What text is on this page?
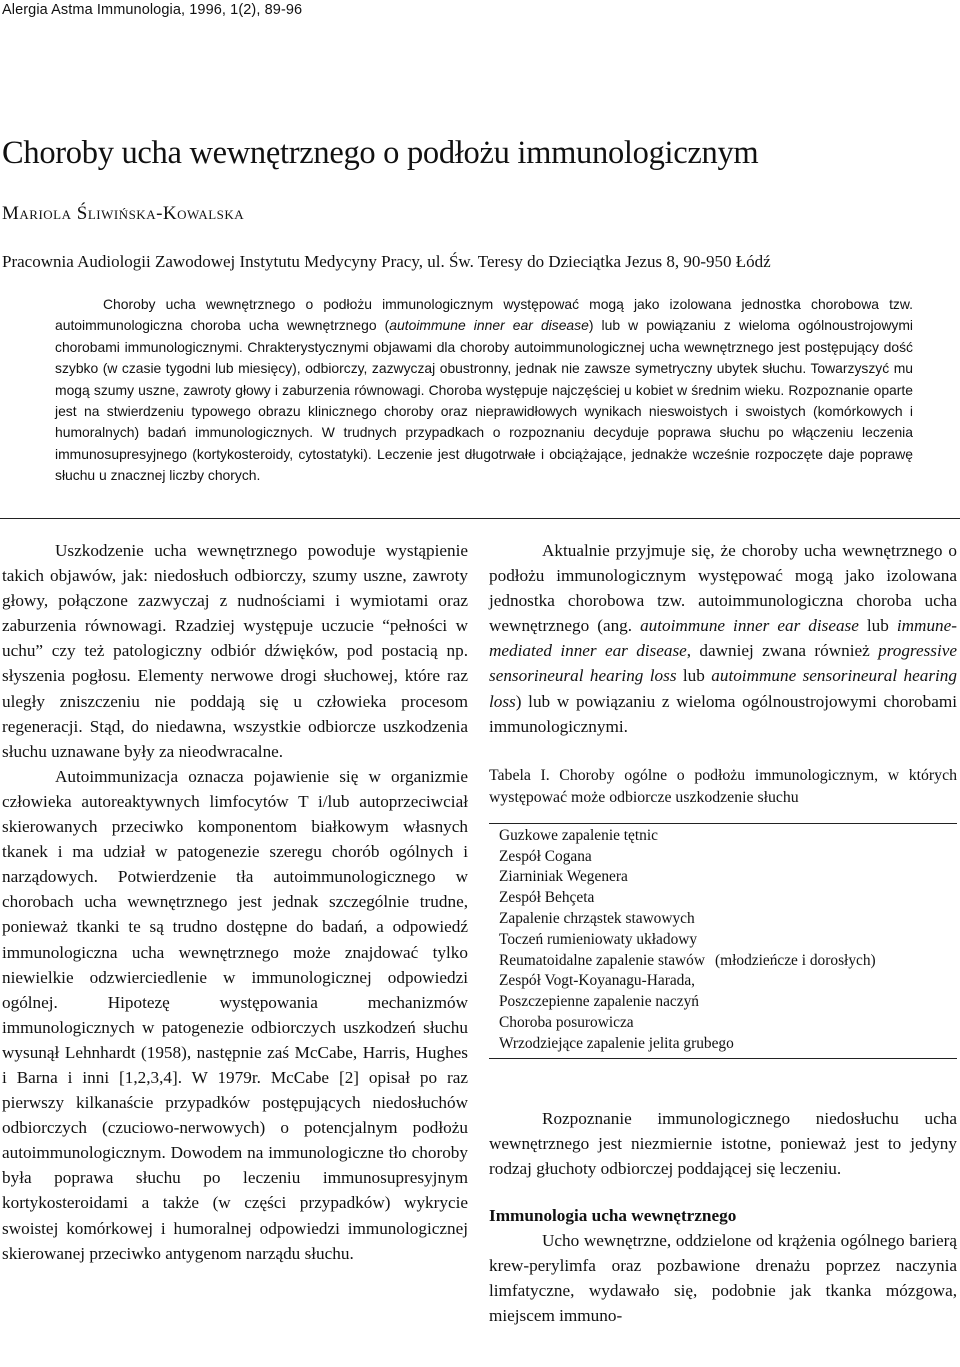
Alergia Astma Immunologia, 1996, 1(2), 89-96
Choroby ucha wewnętrznego o podłożu immunologicznym
Mariola Śliwińska-Kowalska
Pracownia Audiologii Zawodowej Instytutu Medycyny Pracy, ul. Św. Teresy do Dzieciątka Jezus 8, 90-950 Łódź

Choroby ucha wewnętrznego o podłożu immunologicznym występować mogą jako izolowana jednostka chorobowa tzw. autoimmunologiczna choroba ucha wewnętrznego (autoimmune inner ear disease) lub w powiązaniu z wieloma ogólnoustrojowymi chorobami immunologicznymi. Chrakterystycznymi objawami dla choroby autoimmunologicznej ucha wewnętrznego jest postępujący dość szybko (w czasie tygodni lub miesięcy), odbiorczy, zazwyczaj obustronny, jednak nie zawsze symetryczny ubytek słuchu. Towarzyszyć mu mogą szumy uszne, zawroty głowy i zaburzenia równowagi. Choroba występuje najczęściej u kobiet w średnim wieku. Rozpoznanie oparte jest na stwierdzeniu typowego obrazu klinicznego choroby oraz nieprawidłowych wynikach nieswoistych i swoistych (komórkowych i humoralnych) badań immunologicznych. W trudnych przypadkach o rozpoznaniu decyduje poprawa słuchu po włączeniu leczenia immunosupresyjnego (kortykosteroidy, cytostatyki). Leczenie jest długotrwałe i obciążające, jednakże wcześnie rozpoczęte daje poprawę słuchu u znacznej liczby chorych.

Uszkodzenie ucha wewnętrznego powoduje wystąpienie takich objawów, jak: niedosłuch odbiorczy, szumy uszne, zawroty głowy, połączone zazwyczaj z nudnościami i wymiotami oraz zaburzenia równowagi. Rzadziej występuje uczucie “pełności w uchu” czy też patologiczny odbiór dźwięków, pod postacią np. słyszenia pogłosu. Elementy nerwowe drogi słuchowej, które raz uległy zniszczeniu nie poddają się u człowieka procesom regeneracji. Stąd, do niedawna, wszystkie odbiorcze uszkodzenia słuchu uznawane były za nieodwracalne.

Autoimmunizacja oznacza pojawienie się w organizmie człowieka autoreaktywnych limfocytów T i/lub autoprzeciwciał skierowanych przeciwko komponentom białkowym własnych tkanek i ma udział w patogenezie szeregu chorób ogólnych i narządowych. Potwierdzenie tła autoimmunologicznego w chorobach ucha wewnętrznego jest jednak szczególnie trudne, ponieważ tkanki te są trudno dostępne do badań, a odpowiedź immunologiczna ucha wewnętrznego może znajdować tylko niewielkie odzwierciedlenie w immunologicznej odpowiedzi ogólnej. Hipotezę występowania mechanizmów immunologicznych w patogenezie odbiorczych uszkodzeń słuchu wysunął Lehnhardt (1958), następnie zaś McCabe, Harris, Hughes i Barna i inni [1,2,3,4]. W 1979r. McCabe [2] opisał po raz pierwszy kilkanaście przypadków postępujących niedosłuchów odbiorczych (czuciowo-nerwowych) o potencjalnym podłożu autoimmunologicznym. Dowodem na immunologiczne tło choroby była poprawa słuchu po leczeniu immunosupresyjnym kortykosteroidami a także (w części przypadków) wykrycie swoistej komórkowej i humoralnej odpowiedzi immunologicznej skierowanej przeciwko antygenom narządu słuchu.

Aktualnie przyjmuje się, że choroby ucha wewnętrznego o podłożu immunologicznym występować mogą jako izolowana jednostka chorobowa tzw. autoimmunologiczna choroba ucha wewnętrznego (ang. autoimmune inner ear disease lub immune-mediated inner ear disease, dawniej zwana również progressive sensorineural hearing loss lub autoimmune sensorineural hearing loss) lub w powiązaniu z wieloma ogólnoustrojowymi chorobami immunologicznymi.

Tabela I. Choroby ogólne o podłożu immunologicznym, w których występować może odbiorcze uszkodzenie słuchu

Guzkowe zapalenie tętnic
Zespół Cogana
Ziarniniak Wegenera
Zespół Behçeta
Zapalenie chrząstek stawowych
Toczeń rumieniowaty układowy
Reumatoidalne zapalenie stawów (młodzieńcze i dorosłych)
Zespół Vogt-Koyanagu-Harada,
Poszczepienne zapalenie naczyń
Choroba posurowicza
Wrzodziejące zapalenie jelita grubego

Rozpoznanie immunologicznego niedosłuchu ucha wewnętrznego jest niezmiernie istotne, ponieważ jest to jedyny rodzaj głuchoty odbiorczej poddającej się leczeniu.

Immunologia ucha wewnętrznego

Ucho wewnętrzne, oddzielone od krążenia ogólnego barierą krew-perylimfa oraz pozbawione drenażu poprzez naczynia limfatyczne, wydawało się, podobnie jak tkanka mózgowa, miejscem immuno-
